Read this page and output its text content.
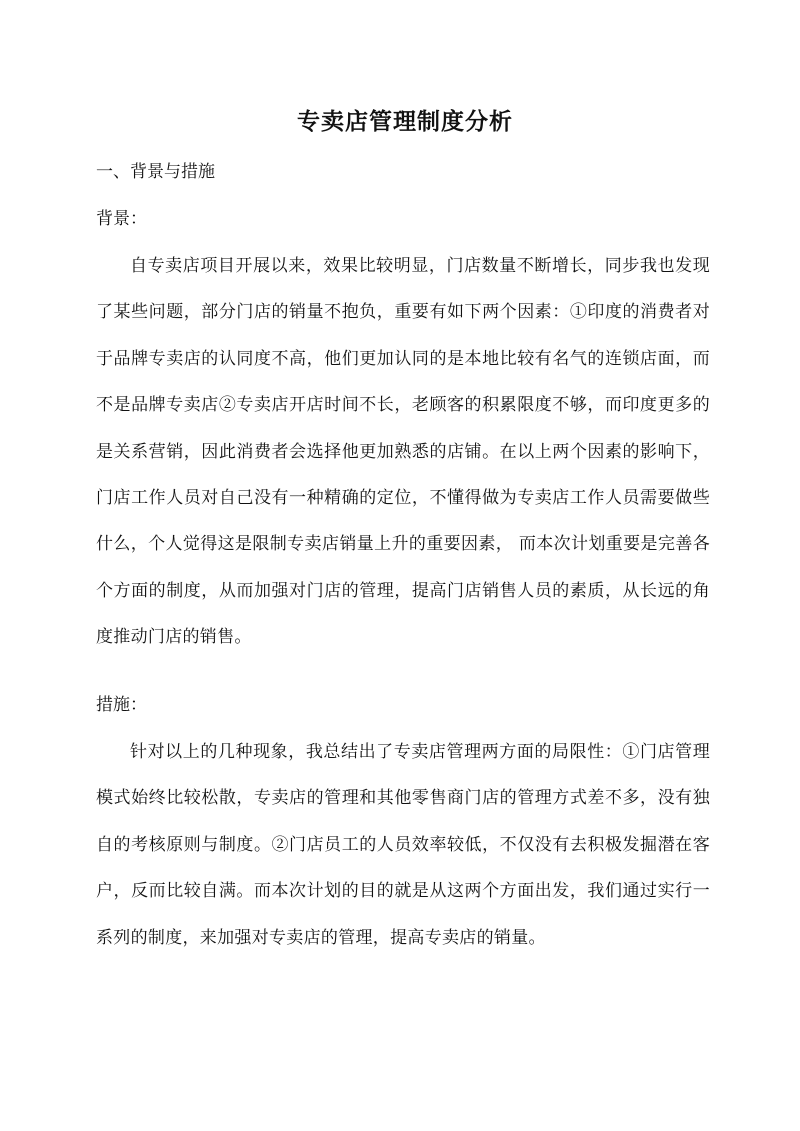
专卖店管理制度分析

一、背景与措施

背景：

自专卖店项目开展以来，效果比较明显，门店数量不断增长，同步我也发现了某些问题，部分门店的销量不抱负，重要有如下两个因素：①印度的消费者对于品牌专卖店的认同度不高，他们更加认同的是本地比较有名气的连锁店面，而不是品牌专卖店②专卖店开店时间不长，老顾客的积累限度不够，而印度更多的是关系营销，因此消费者会选择他更加熟悉的店铺。在以上两个因素的影响下，门店工作人员对自己没有一种精确的定位，不懂得做为专卖店工作人员需要做些什么，个人觉得这是限制专卖店销量上升的重要因素， 而本次计划重要是完善各个方面的制度，从而加强对门店的管理，提高门店销售人员的素质，从长远的角度推动门店的销售。

措施：

针对以上的几种现象，我总结出了专卖店管理两方面的局限性：①门店管理模式始终比较松散，专卖店的管理和其他零售商门店的管理方式差不多，没有独自的考核原则与制度。②门店员工的人员效率较低，不仅没有去积极发掘潜在客户，反而比较自满。而本次计划的目的就是从这两个方面出发，我们通过实行一系列的制度，来加强对专卖店的管理，提高专卖店的销量。
